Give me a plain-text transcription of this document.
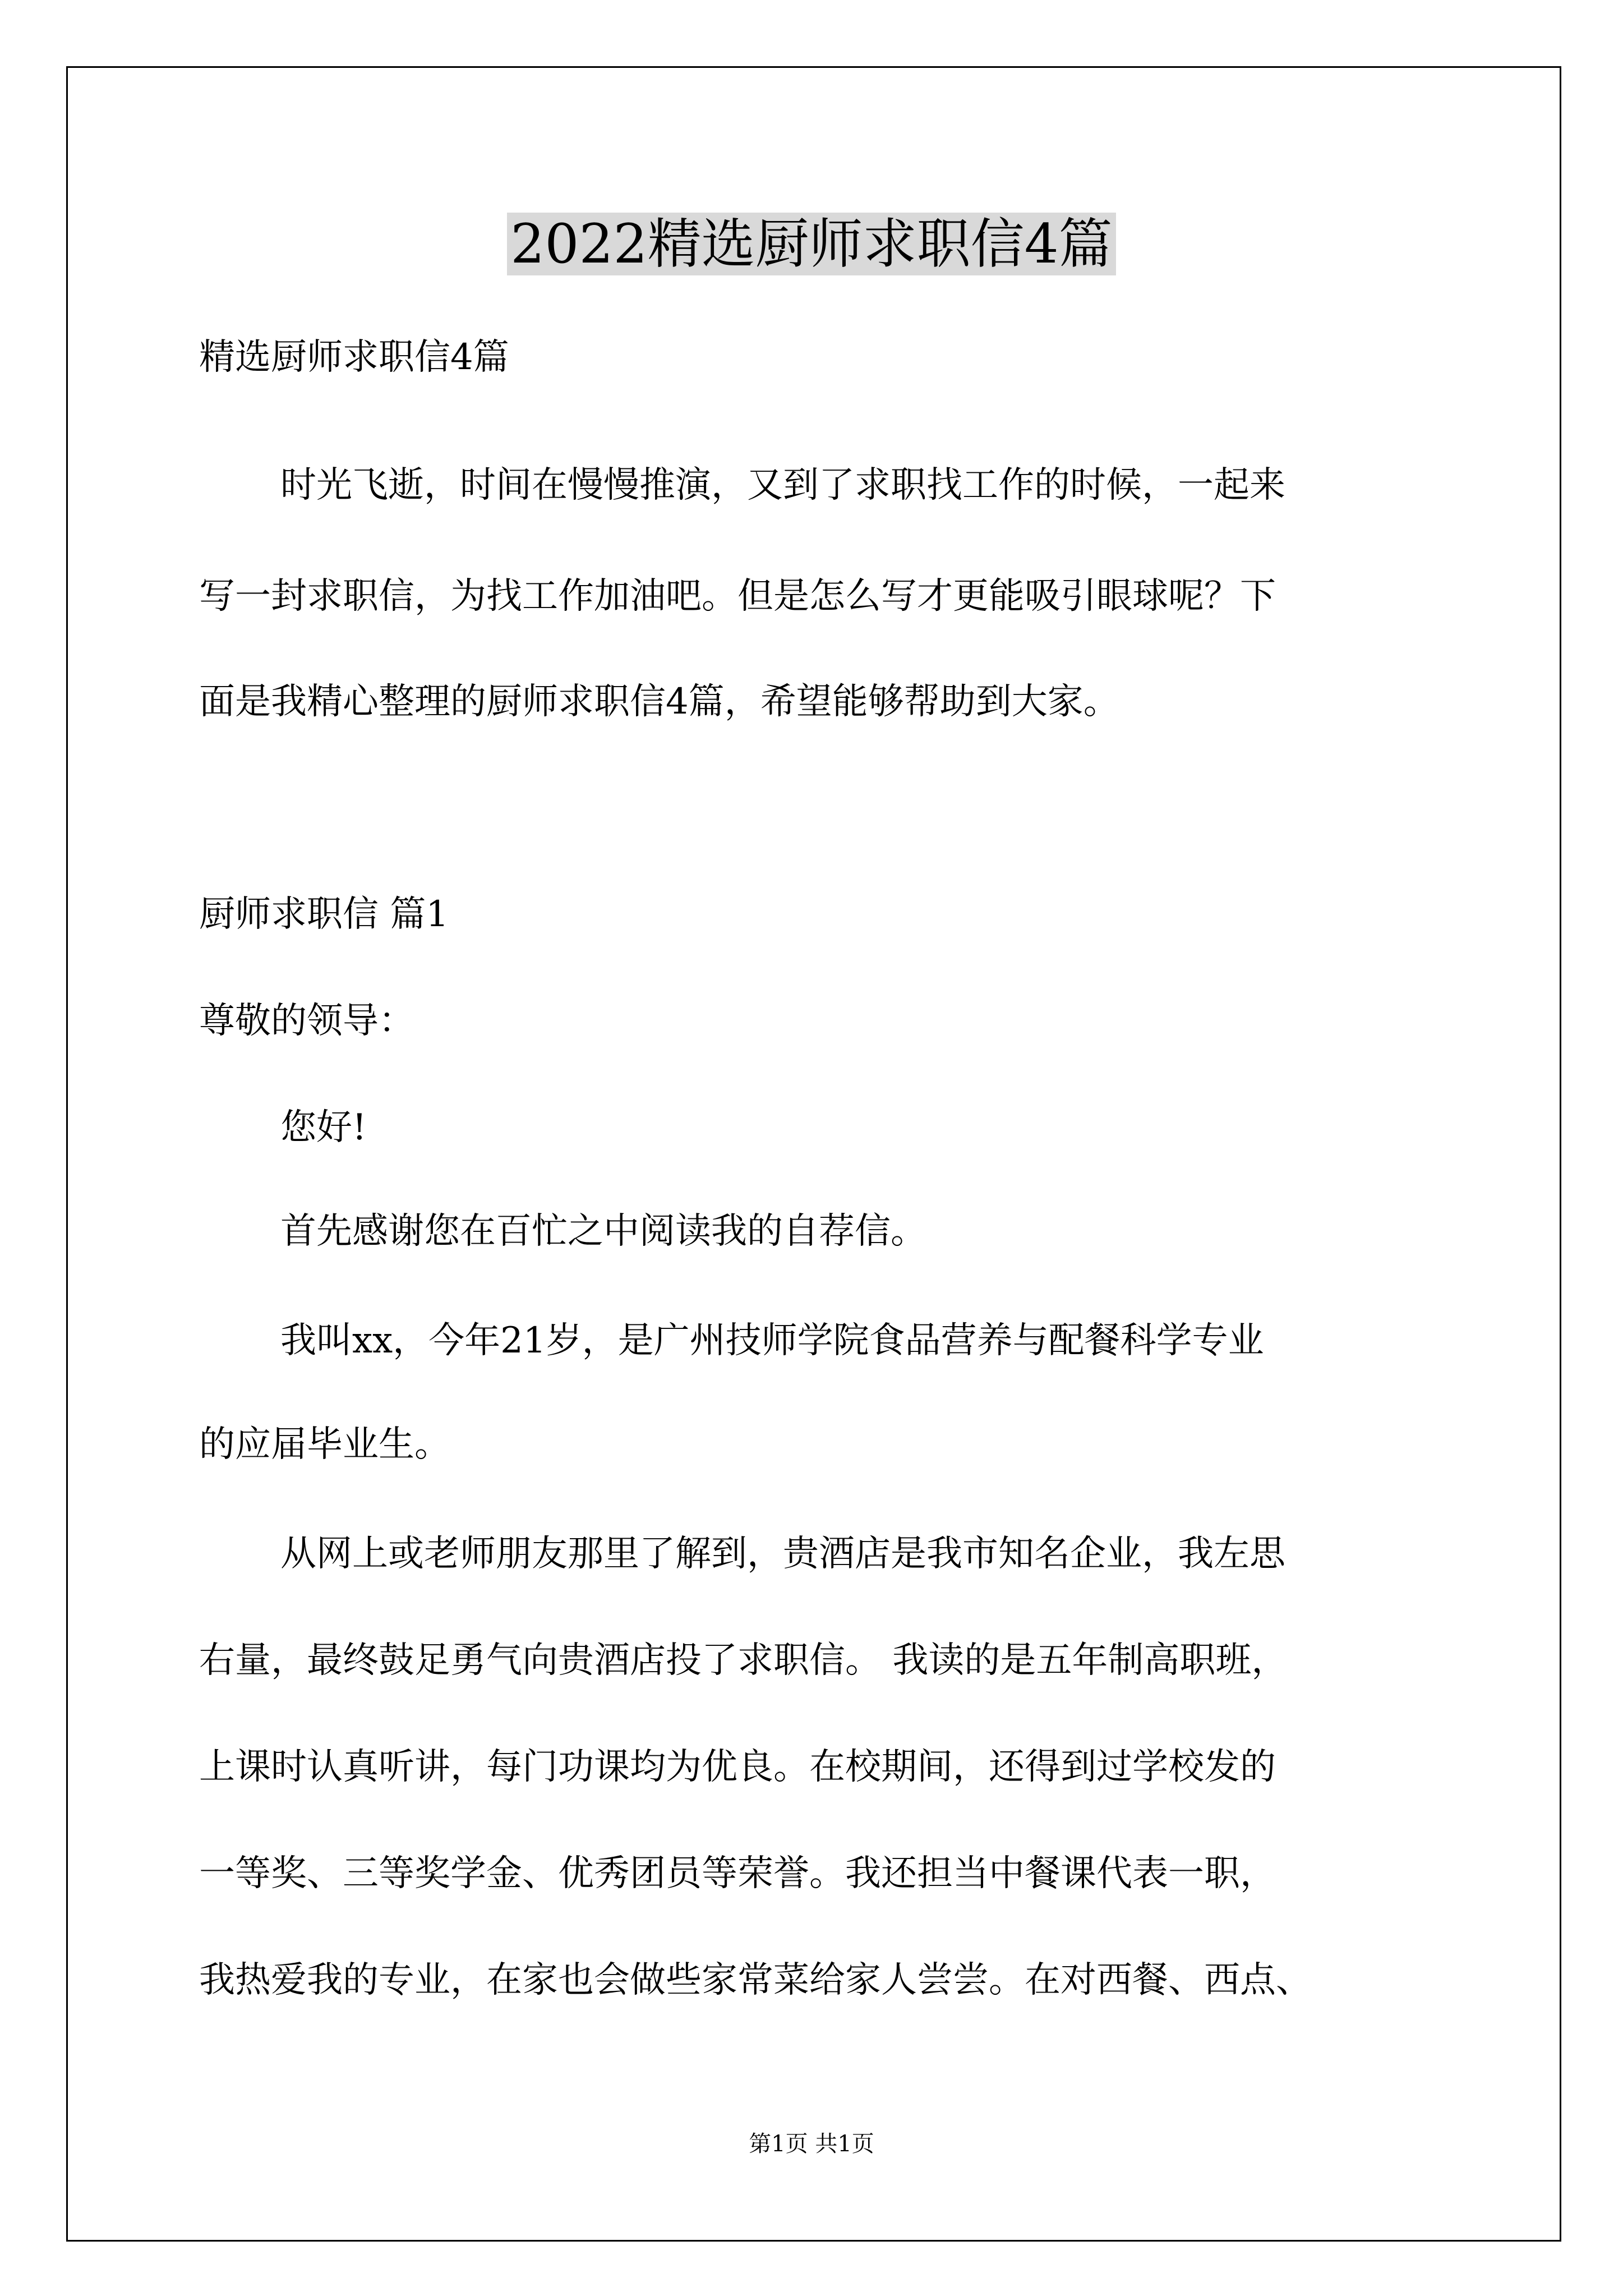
2022精选厨师求职信4篇
精选厨师求职信4篇
时光飞逝，时间在慢慢推演，又到了求职找工作的时候，一起来
写一封求职信，为找工作加油吧。但是怎么写才更能吸引眼球呢？下
面是我精心整理的厨师求职信4篇，希望能够帮助到大家。
厨师求职信 篇1
尊敬的领导：
您好!
首先感谢您在百忙之中阅读我的自荐信。
我叫xx，今年21岁，是广州技师学院食品营养与配餐科学专业
的应届毕业生。
从网上或老师朋友那里了解到，贵酒店是我市知名企业，我左思
右量，最终鼓足勇气向贵酒店投了求职信。 我读的是五年制高职班，
上课时认真听讲，每门功课均为优良。在校期间，还得到过学校发的
一等奖、三等奖学金、优秀团员等荣誉。我还担当中餐课代表一职，
我热爱我的专业，在家也会做些家常菜给家人尝尝。在对西餐、西点、
第1页 共1页
